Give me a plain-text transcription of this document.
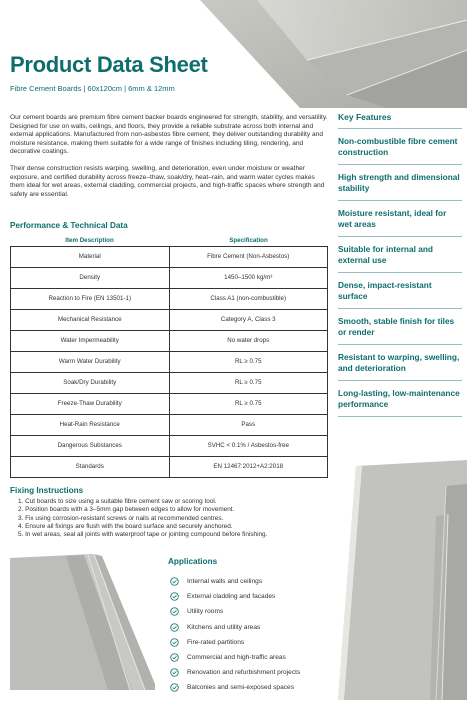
Product Data Sheet
Fibre Cement Boards | 60x120cm | 6mm & 12mm

Our cement boards are premium fibre cement backer boards engineered for strength, stability, and versatility. Designed for use on walls, ceilings, and floors, they provide a reliable substrate across both internal and external applications. Manufactured from non-asbestos fibre cement, they deliver outstanding durability and moisture resistance, making them suitable for a wide range of finishes including tiling, rendering, and decorative coatings.

Their dense construction resists warping, swelling, and deterioration, even under moisture or weather exposure, and certified durability across freeze–thaw, soak/dry, heat–rain, and warm water cycles makes them ideal for wet areas, external cladding, commercial projects, and high-traffic spaces where strength and safety are essential.

Key Features
Non-combustible fibre cement construction
High strength and dimensional stability
Moisture resistant, ideal for wet areas
Suitable for internal and external use
Dense, impact-resistant surface
Smooth, stable finish for tiles or render
Resistant to warping, swelling, and deterioration
Long-lasting, low-maintenance performance
Performance & Technical Data
Item Description	Specification
Material	Fibre Cement (Non-Asbestos)
Density	1450–1500 kg/m³
Reaction to Fire (EN 13501-1)	Class A1 (non-combustible)
Mechanical Resistance	Category A, Class 3
Water Impermeability	No water drops
Warm Water Durability	RL ≥ 0.75
Soak/Dry Durability	RL ≥ 0.75
Freeze-Thaw Durability	RL ≥ 0.75
Heat-Rain Resistance	Pass
Dangerous Substances	SVHC < 0.1% / Asbestos-free
Standards	EN 12467:2012+A2:2018
Fixing Instructions
1. Cut boards to size using a suitable fibre cement saw or scoring tool.
2. Position boards with a 3–5mm gap between edges to allow for movement.
3. Fix using corrosion-resistant screws or nails at recommended centres.
4. Ensure all fixings are flush with the board surface and securely anchored.
5. In wet areas, seal all joints with waterproof tape or jointing compound before finishing.
Applications
Internal walls and ceilings
External cladding and facades
Utility rooms
Kitchens and utility areas
Fire-rated partitions
Commercial and high-traffic areas
Renovation and refurbishment projects
Balconies and semi-exposed spaces
